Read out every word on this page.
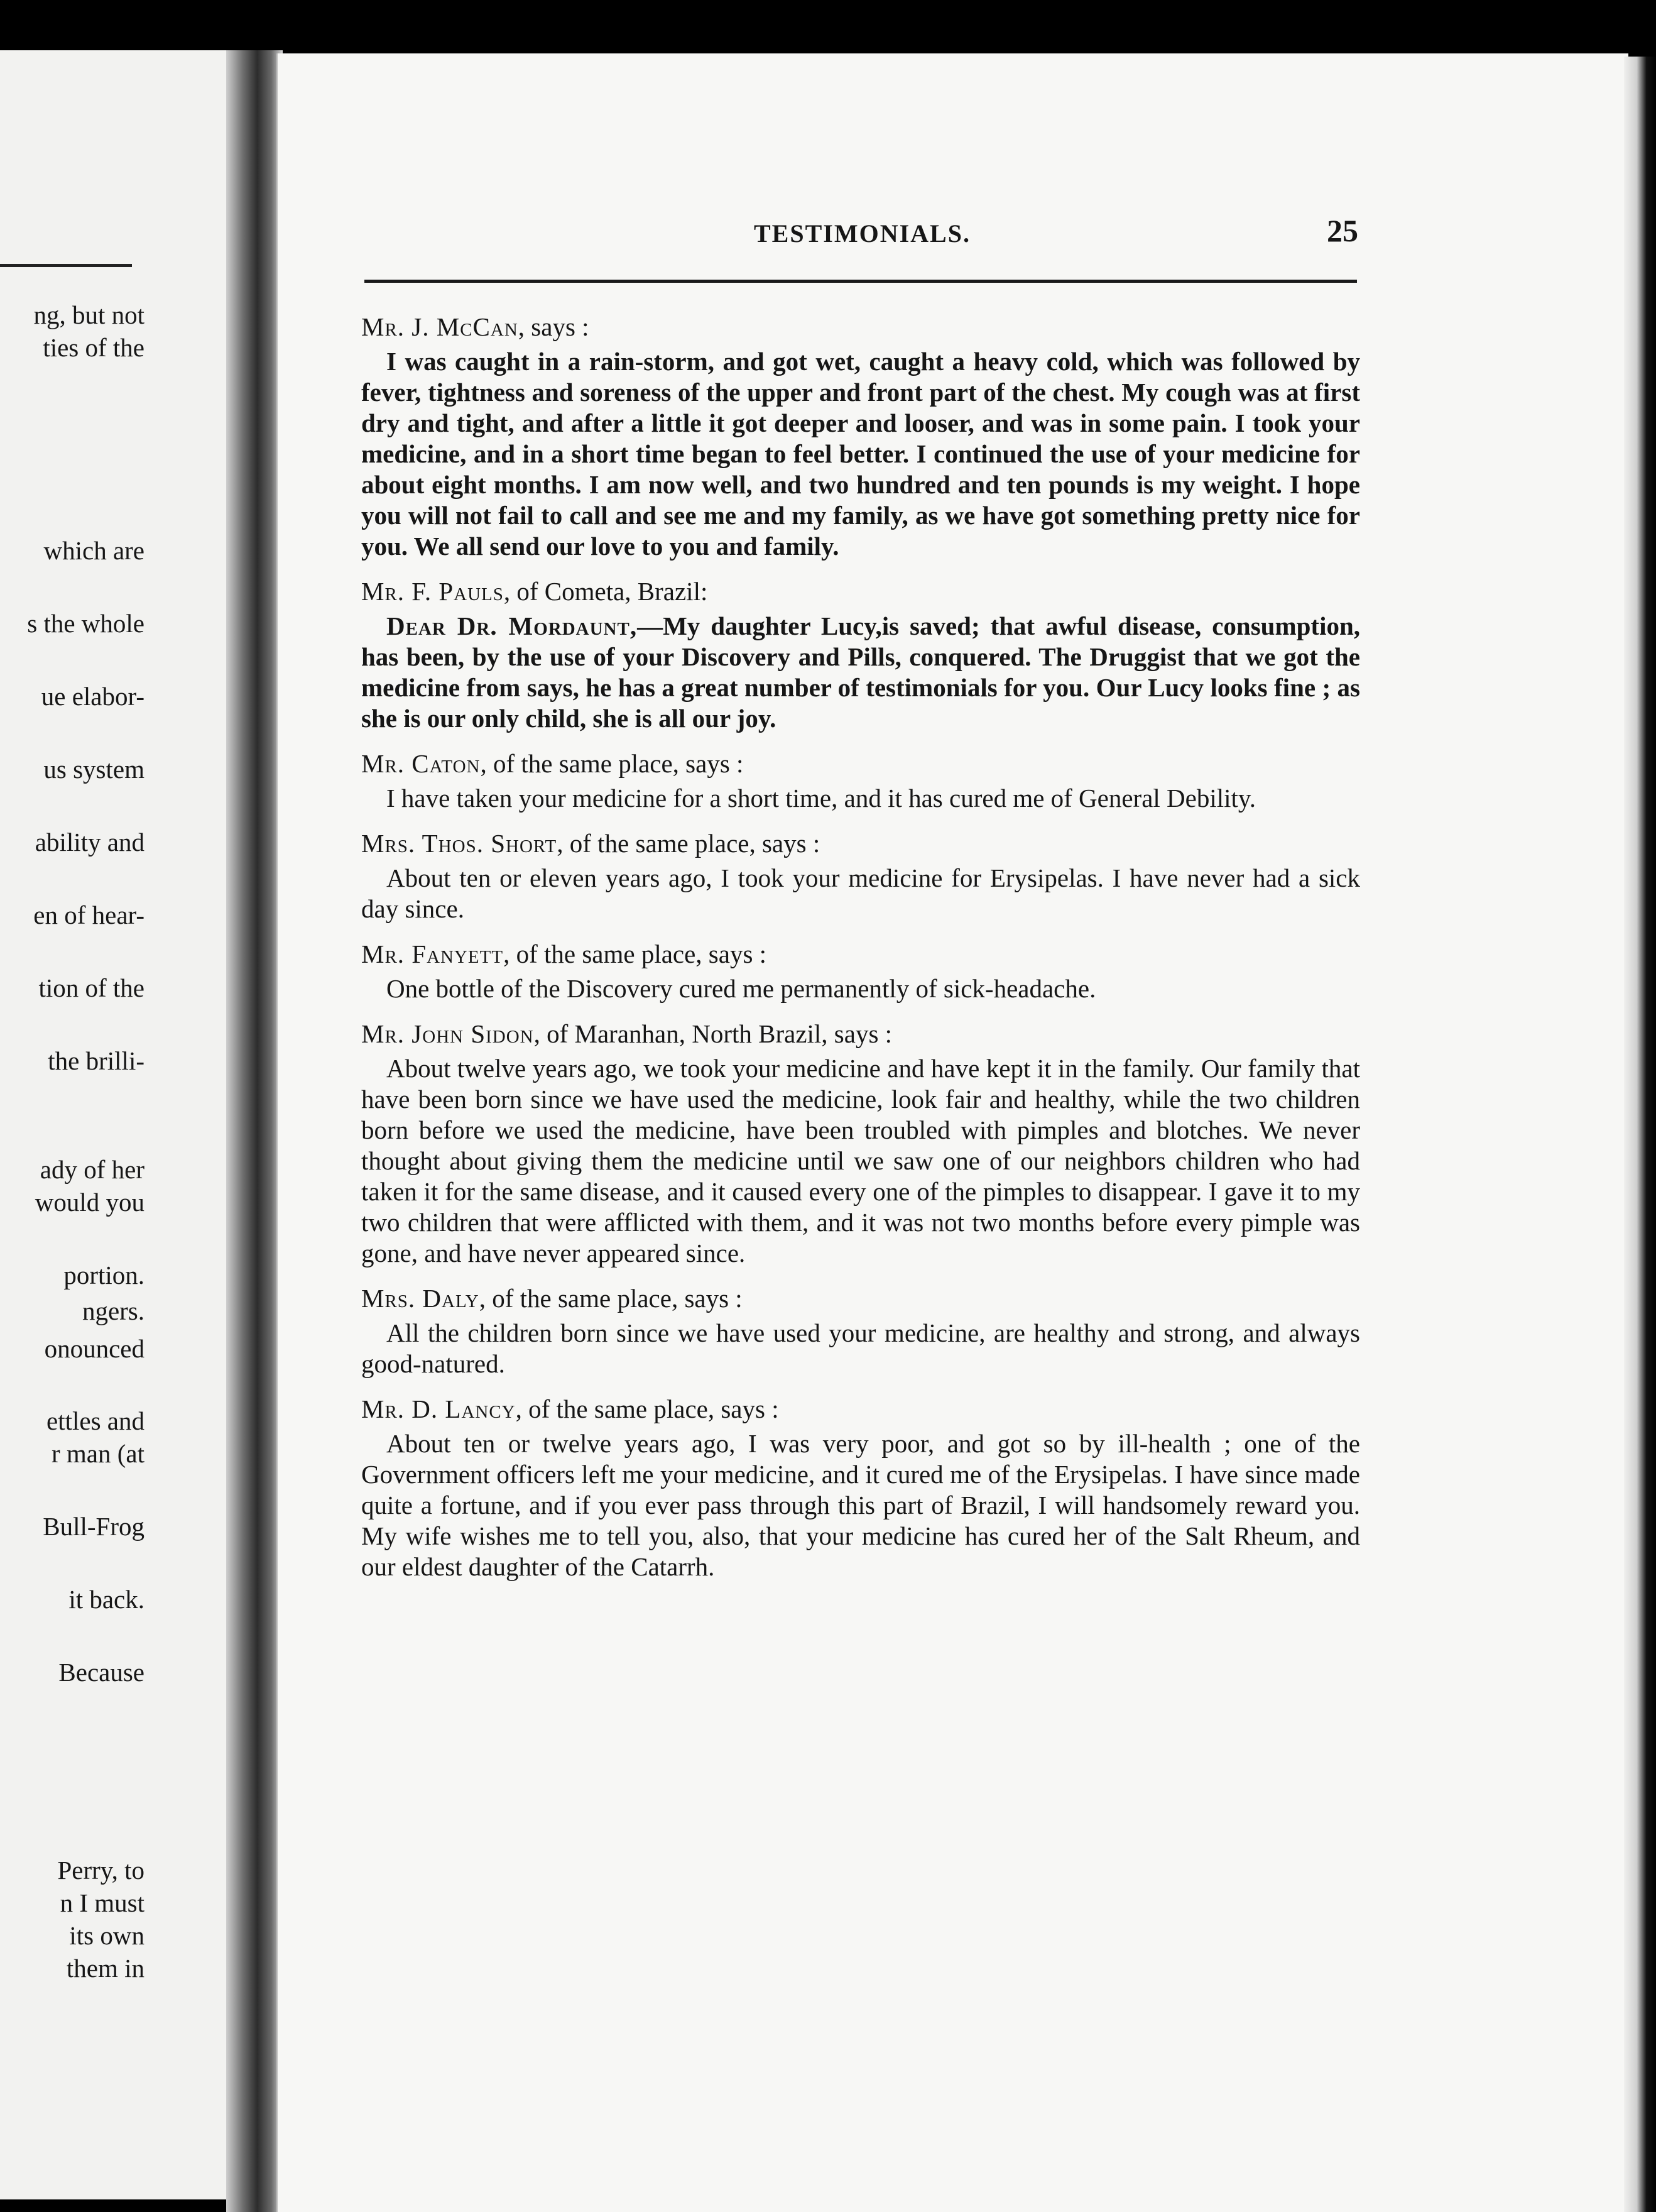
ng, but not
ties of the
which are
s the whole
ue elabor-
us system
ability and
en of hear-
tion of the
the brilli-
ady of her
would you
portion.
ngers.
onounced
ettles and
r man (at
Bull-Frog
it back.
Because
Perry, to
n I must
its own
them in
TESTIMONIALS.	25

Mr. J. McCan, says :

I was caught in a rain-storm, and got wet, caught a heavy cold, which was followed by fever, tightness and soreness of the upper and front part of the chest. My cough was at first dry and tight, and after a little it got deeper and looser, and was in some pain. I took your medicine, and in a short time began to feel better. I continued the use of your medicine for about eight months. I am now well, and two hundred and ten pounds is my weight. I hope you will not fail to call and see me and my family, as we have got something pretty nice for you. We all send our love to you and family.

Mr. F. Pauls, of Cometa, Brazil:

Dear Dr. Mordaunt,—My daughter Lucy,is saved; that awful disease, consumption, has been, by the use of your Discovery and Pills, conquered. The Druggist that we got the medicine from says, he has a great number of testimonials for you. Our Lucy looks fine ; as she is our only child, she is all our joy.

Mr. Caton, of the same place, says :

I have taken your medicine for a short time, and it has cured me of General Debility.

Mrs. Thos. Short, of the same place, says :

About ten or eleven years ago, I took your medicine for Erysipelas. I have never had a sick day since.

Mr. Fanyett, of the same place, says :

One bottle of the Discovery cured me permanently of sick-headache.

Mr. John Sidon, of Maranhan, North Brazil, says :

About twelve years ago, we took your medicine and have kept it in the family. Our family that have been born since we have used the medicine, look fair and healthy, while the two children born before we used the medicine, have been troubled with pimples and blotches. We never thought about giving them the medicine until we saw one of our neighbors children who had taken it for the same disease, and it caused every one of the pimples to disappear. I gave it to my two children that were afflicted with them, and it was not two months before every pimple was gone, and have never appeared since.

Mrs. Daly, of the same place, says :

All the children born since we have used your medicine, are healthy and strong, and always good-natured.

Mr. D. Lancy, of the same place, says :

About ten or twelve years ago, I was very poor, and got so by ill-health ; one of the Government officers left me your medicine, and it cured me of the Erysipelas. I have since made quite a fortune, and if you ever pass through this part of Brazil, I will handsomely reward you. My wife wishes me to tell you, also, that your medicine has cured her of the Salt Rheum, and our eldest daughter of the Catarrh.
